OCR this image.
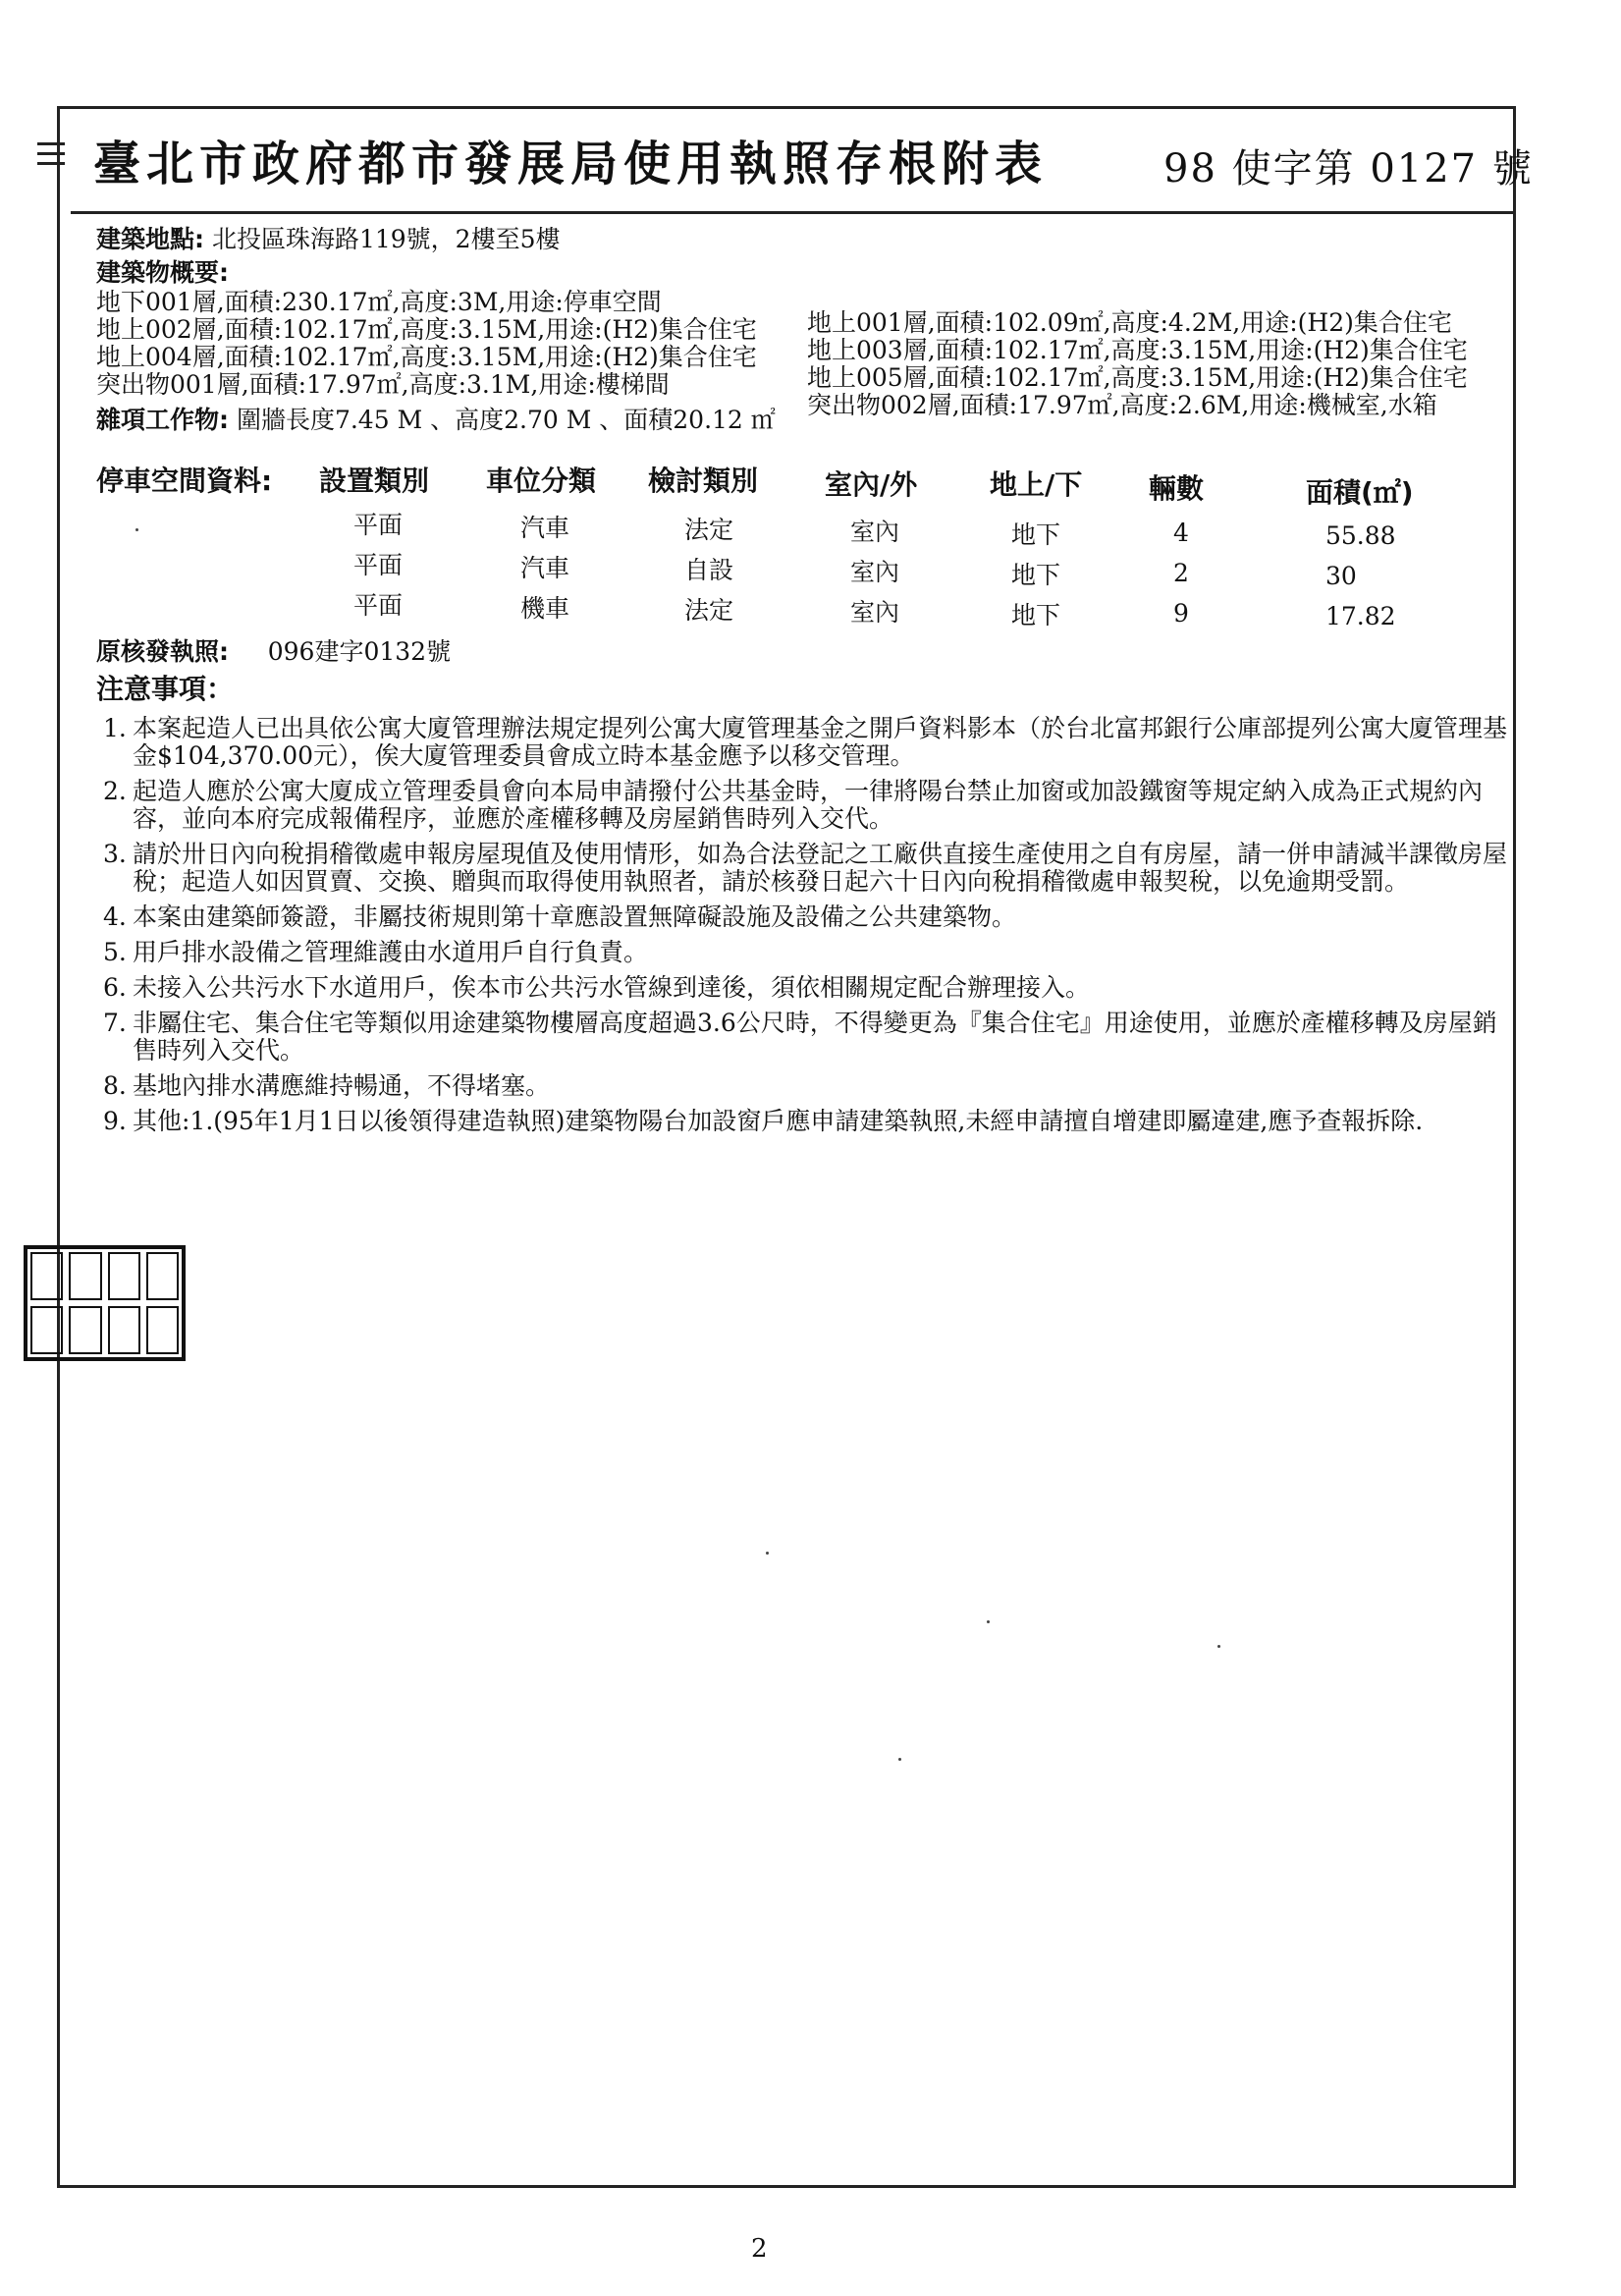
臺北市政府都市發展局使用執照存根附表	98 使字第 0127 號
建築地點: 北投區珠海路119號，2樓至5樓
建築物概要:
地下001層,面積:230.17㎡,高度:3M,用途:停車空間
地上002層,面積:102.17㎡,高度:3.15M,用途:(H2)集合住宅
地上004層,面積:102.17㎡,高度:3.15M,用途:(H2)集合住宅
突出物001層,面積:17.97㎡,高度:3.1M,用途:樓梯間
地上001層,面積:102.09㎡,高度:4.2M,用途:(H2)集合住宅
地上003層,面積:102.17㎡,高度:3.15M,用途:(H2)集合住宅
地上005層,面積:102.17㎡,高度:3.15M,用途:(H2)集合住宅
突出物002層,面積:17.97㎡,高度:2.6M,用途:機械室,水箱
雜項工作物: 圍牆長度7.45 M 、高度2.70 M 、面積20.12 ㎡
停車空間資料: 設置類別 車位分類 檢討類別 室內/外	地上/下 輛數	面積(㎡)
平面	汽車	法定	室內	地下	4	55.88
平面	汽車	自設	室內	地下	2	30
平面	機車	法定	室內	地下	9	17.82
原核發執照: 096建字0132號
注意事項：
1. 本案起造人已出具依公寓大廈管理辦法規定提列公寓大廈管理基金之開戶資料影本（於台北富邦銀行公庫部提列公寓大廈管理基金$104,370.00元），俟大廈管理委員會成立時本基金應予以移交管理。
2. 起造人應於公寓大廈成立管理委員會向本局申請撥付公共基金時，一律將陽台禁止加窗或加設鐵窗等規定納入成為正式規約內容，並向本府完成報備程序，並應於產權移轉及房屋銷售時列入交代。
3. 請於卅日內向稅捐稽徵處申報房屋現值及使用情形，如為合法登記之工廠供直接生產使用之自有房屋，請一併申請減半課徵房屋稅；起造人如因買賣、交換、贈與而取得使用執照者，請於核發日起六十日內向稅捐稽徵處申報契稅，以免逾期受罰。
4. 本案由建築師簽證，非屬技術規則第十章應設置無障礙設施及設備之公共建築物。
5. 用戶排水設備之管理維護由水道用戶自行負責。
6. 未接入公共污水下水道用戶，俟本市公共污水管線到達後，須依相關規定配合辦理接入。
7. 非屬住宅、集合住宅等類似用途建築物樓層高度超過3.6公尺時，不得變更為『集合住宅』用途使用，並應於產權移轉及房屋銷售時列入交代。
8. 基地內排水溝應維持暢通，不得堵塞。
9. 其他:1.(95年1月1日以後領得建造執照)建築物陽台加設窗戶應申請建築執照,未經申請擅自增建即屬違建,應予查報拆除.
2
